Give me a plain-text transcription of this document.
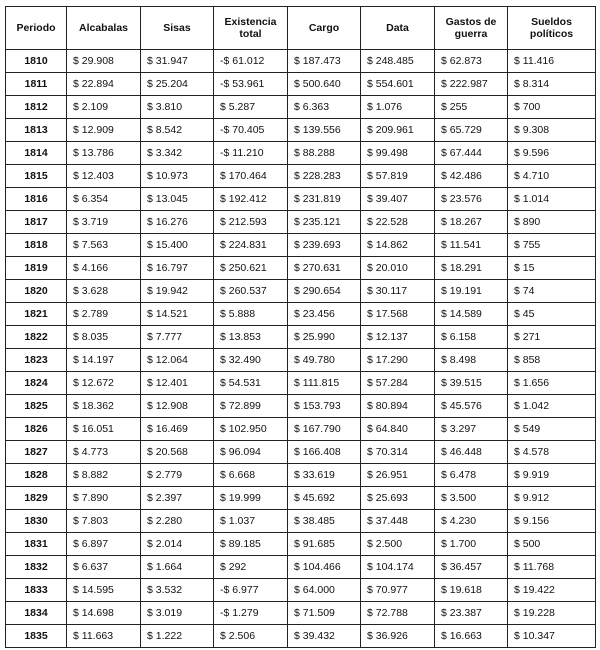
Periodo	Alcabalas	Sisas	Existencia total	Cargo	Data	Gastos de guerra	Sueldos políticos
1810	$ 29.908	$ 31.947	-$ 61.012	$ 187.473	$ 248.485	$ 62.873	$ 11.416
1811	$ 22.894	$ 25.204	-$ 53.961	$ 500.640	$ 554.601	$ 222.987	$ 8.314
1812	$ 2.109	$ 3.810	$ 5.287	$ 6.363	$ 1.076	$ 255	$ 700
1813	$ 12.909	$ 8.542	-$ 70.405	$ 139.556	$ 209.961	$ 65.729	$ 9.308
1814	$ 13.786	$ 3.342	-$ 11.210	$ 88.288	$ 99.498	$ 67.444	$ 9.596
1815	$ 12.403	$ 10.973	$ 170.464	$ 228.283	$ 57.819	$ 42.486	$ 4.710
1816	$ 6.354	$ 13.045	$ 192.412	$ 231.819	$ 39.407	$ 23.576	$ 1.014
1817	$ 3.719	$ 16.276	$ 212.593	$ 235.121	$ 22.528	$ 18.267	$ 890
1818	$ 7.563	$ 15.400	$ 224.831	$ 239.693	$ 14.862	$ 11.541	$ 755
1819	$ 4.166	$ 16.797	$ 250.621	$ 270.631	$ 20.010	$ 18.291	$ 15
1820	$ 3.628	$ 19.942	$ 260.537	$ 290.654	$ 30.117	$ 19.191	$ 74
1821	$ 2.789	$ 14.521	$ 5.888	$ 23.456	$ 17.568	$ 14.589	$ 45
1822	$ 8.035	$ 7.777	$ 13.853	$ 25.990	$ 12.137	$ 6.158	$ 271
1823	$ 14.197	$ 12.064	$ 32.490	$ 49.780	$ 17.290	$ 8.498	$ 858
1824	$ 12.672	$ 12.401	$ 54.531	$ 111.815	$ 57.284	$ 39.515	$ 1.656
1825	$ 18.362	$ 12.908	$ 72.899	$ 153.793	$ 80.894	$ 45.576	$ 1.042
1826	$ 16.051	$ 16.469	$ 102.950	$ 167.790	$ 64.840	$ 3.297	$ 549
1827	$ 4.773	$ 20.568	$ 96.094	$ 166.408	$ 70.314	$ 46.448	$ 4.578
1828	$ 8.882	$ 2.779	$ 6.668	$ 33.619	$ 26.951	$ 6.478	$ 9.919
1829	$ 7.890	$ 2.397	$ 19.999	$ 45.692	$ 25.693	$ 3.500	$ 9.912
1830	$ 7.803	$ 2.280	$ 1.037	$ 38.485	$ 37.448	$ 4.230	$ 9.156
1831	$ 6.897	$ 2.014	$ 89.185	$ 91.685	$ 2.500	$ 1.700	$ 500
1832	$ 6.637	$ 1.664	$ 292	$ 104.466	$ 104.174	$ 36.457	$ 11.768
1833	$ 14.595	$ 3.532	-$ 6.977	$ 64.000	$ 70.977	$ 19.618	$ 19.422
1834	$ 14.698	$ 3.019	-$ 1.279	$ 71.509	$ 72.788	$ 23.387	$ 19.228
1835	$ 11.663	$ 1.222	$ 2.506	$ 39.432	$ 36.926	$ 16.663	$ 10.347
